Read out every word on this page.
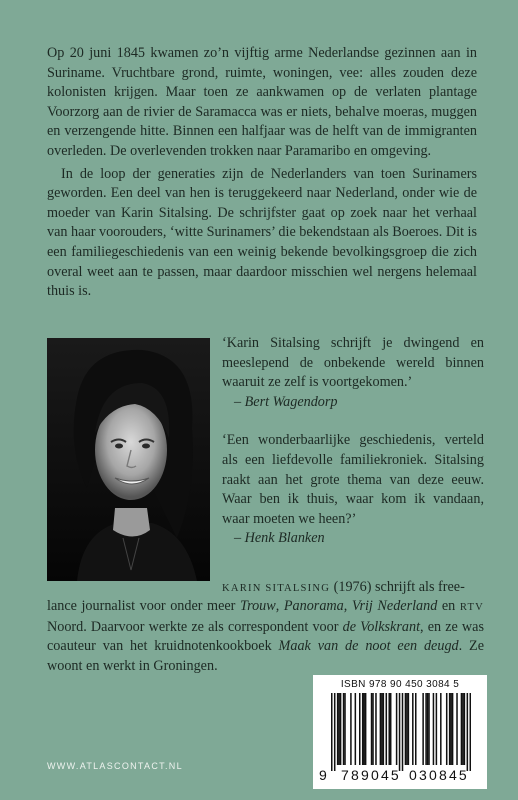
Op 20 juni 1845 kwamen zo’n vijftig arme Nederlandse gezinnen aan in Suriname. Vruchtbare grond, ruimte, woningen, vee: alles zouden deze kolonisten krijgen. Maar toen ze aankwamen op de verlaten plantage Voorzorg aan de rivier de Saramacca was er niets, behalve moeras, muggen en verzengende hitte. Binnen een halfjaar was de helft van de immigranten overleden. De overlevenden trokken naar Paramaribo en omgeving.

In de loop der generaties zijn de Nederlanders van toen Surinamers geworden. Een deel van hen is teruggekeerd naar Nederland, onder wie de moeder van Karin Sitalsing. De schrijfster gaat op zoek naar het verhaal van haar voorouders, ‘witte Surinamers’ die bekendstaan als Boeroes. Dit is een familiegeschiedenis van een weinig bekende bevolkingsgroep die zich overal weet aan te passen, maar daardoor misschien wel nergens helemaal thuis is.

‘Karin Sitalsing schrijft je dwingend en meeslepend de onbekende wereld binnen waaruit ze zelf is voortgekomen.’

– Bert Wagendorp

‘Een wonderbaarlijke geschiedenis, verteld als een liefdevolle familiekroniek. Sitalsing raakt aan het grote thema van deze eeuw. Waar ben ik thuis, waar kom ik vandaan, waar moeten we heen?’

– Henk Blanken

KARIN SITALSING (1976) schrijft als free-

lance journalist voor onder meer Trouw, Panorama, Vrij Nederland en RTV Noord. Daarvoor werkte ze als correspondent voor de Volkskrant, en ze was coauteur van het kruidnotenkookboek Maak van de noot een deugd. Ze woont en werkt in Groningen.

ISBN 978 90 450 3084 5
9 789045 030845
WWW.ATLASCONTACT.NL
